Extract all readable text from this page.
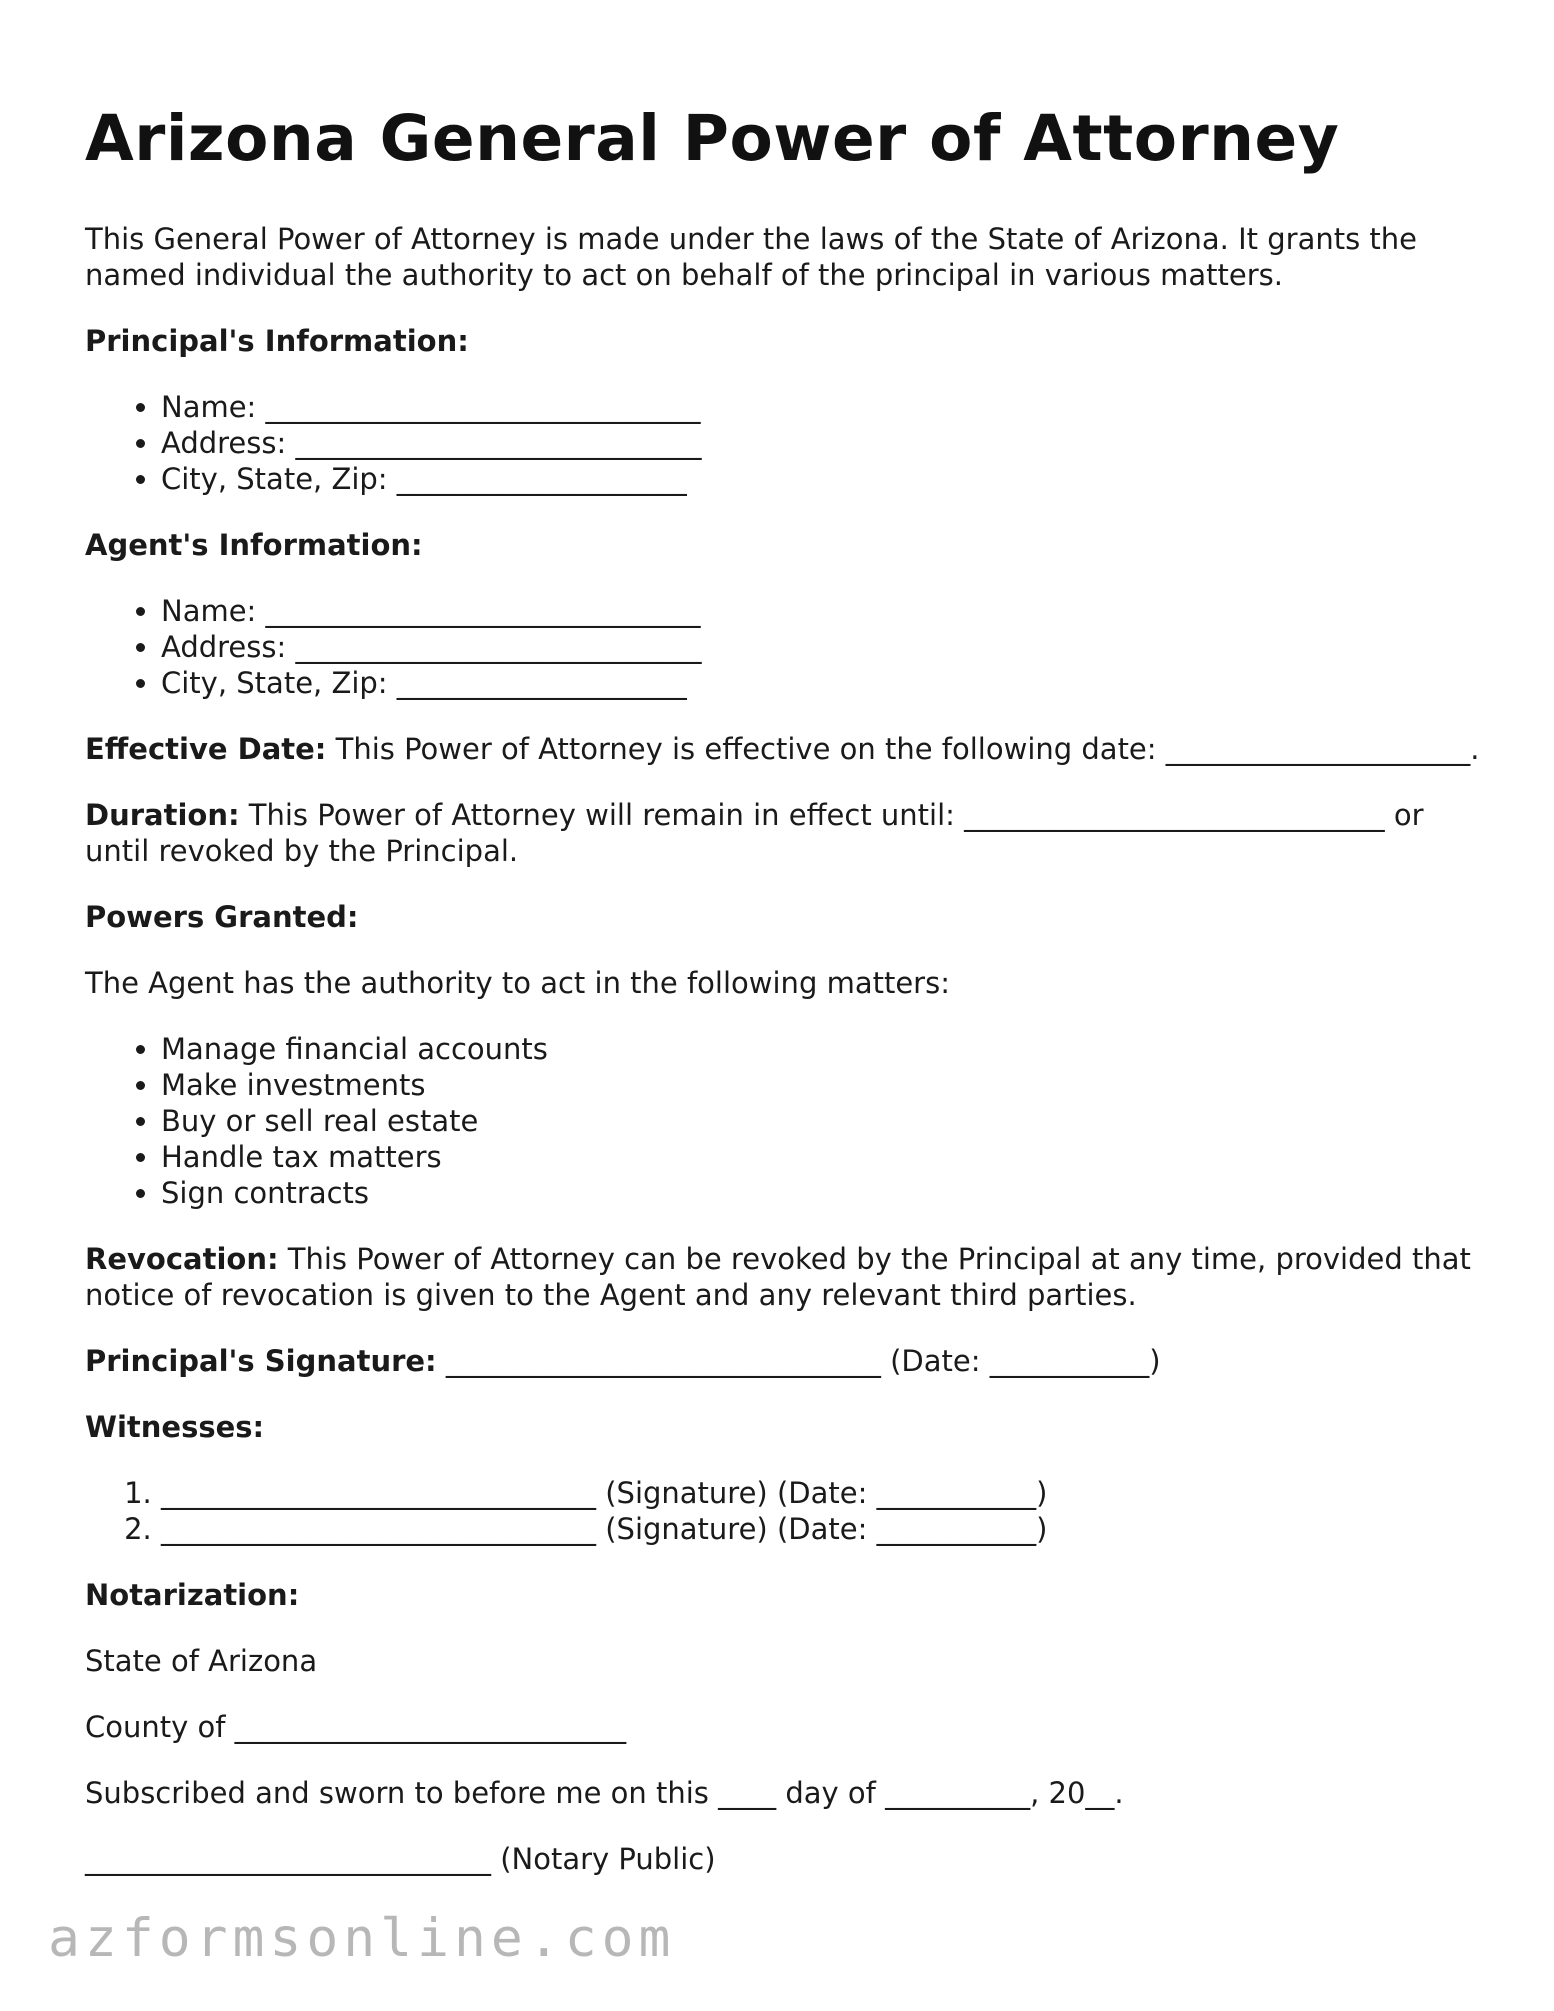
Arizona General Power of Attorney

This General Power of Attorney is made under the laws of the State of Arizona. It grants the named individual the authority to act on behalf of the principal in various matters.

Principal's Information:

• Name: ______________________________
• Address: ____________________________
• City, State, Zip: ____________________

Agent's Information:

• Name: ______________________________
• Address: ____________________________
• City, State, Zip: ____________________

Effective Date: This Power of Attorney is effective on the following date: _____________________.

Duration: This Power of Attorney will remain in effect until: _____________________________ or until revoked by the Principal.

Powers Granted:

The Agent has the authority to act in the following matters:

• Manage financial accounts
• Make investments
• Buy or sell real estate
• Handle tax matters
• Sign contracts

Revocation: This Power of Attorney can be revoked by the Principal at any time, provided that notice of revocation is given to the Agent and any relevant third parties.

Principal's Signature: ______________________________ (Date: ___________)

Witnesses:

1. ______________________________ (Signature) (Date: ___________)
2. ______________________________ (Signature) (Date: ___________)

Notarization:

State of Arizona

County of ___________________________

Subscribed and sworn to before me on this ____ day of __________, 20__.

____________________________ (Notary Public)

azformsonline.com
